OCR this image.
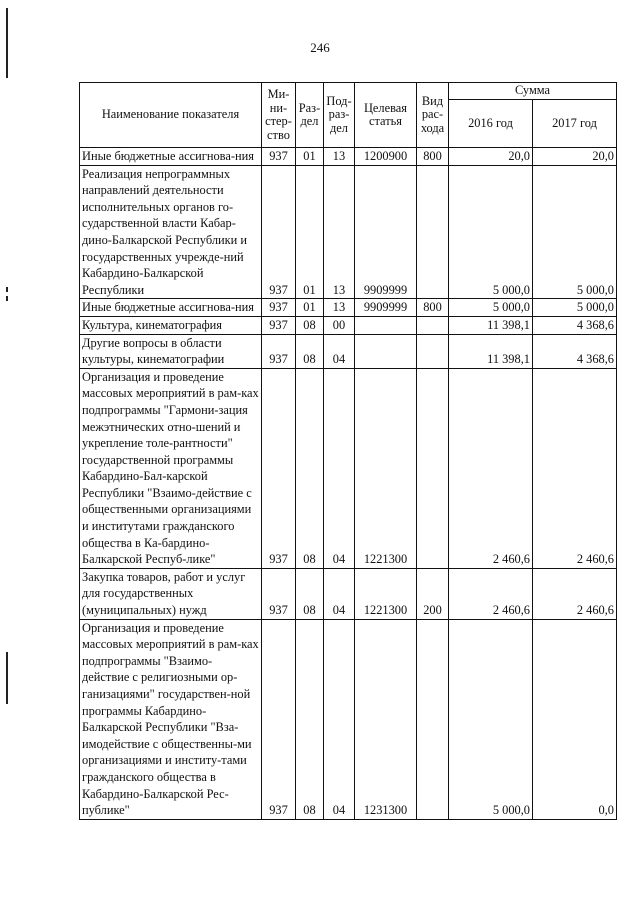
246
Наименование показателя	Ми-ни-стер-ство	Раз-дел	Под-раз-дел	Целевая статья	Вид рас-хода	Сумма	
						2016 год	2017 год
Иные бюджетные ассигнова-ния	937	01	13	1200900	800	20,0	20,0
Реализация непрограммных направлений деятельности исполнительных органов го-сударственной власти Кабар-дино-Балкарской Республики и государственных учрежде-ний Кабардино-Балкарской Республики	937	01	13	9909999		5 000,0	5 000,0
Иные бюджетные ассигнова-ния	937	01	13	9909999	800	5 000,0	5 000,0
Культура, кинематография	937	08	00			11 398,1	4 368,6
Другие вопросы в области культуры, кинематографии	937	08	04			11 398,1	4 368,6
Организация и проведение массовых мероприятий в рам-ках подпрограммы "Гармони-зация межэтнических отно-шений и укрепление толе-рантности" государственной программы Кабардино-Бал-карской Республики "Взаимо-действие с общественными организациями и институтами гражданского общества в Ка-бардино-Балкарской Респуб-лике"	937	08	04	1221300		2 460,6	2 460,6
Закупка товаров, работ и услуг для государственных (муниципальных) нужд	937	08	04	1221300	200	2 460,6	2 460,6
Организация и проведение массовых мероприятий в рам-ках подпрограммы "Взаимо-действие с религиозными ор-ганизациями" государствен-ной программы Кабардино-Балкарской Республики "Вза-имодействие с общественны-ми организациями и институ-тами гражданского общества в Кабардино-Балкарской Рес-публике"	937	08	04	1231300		5 000,0	0,0
